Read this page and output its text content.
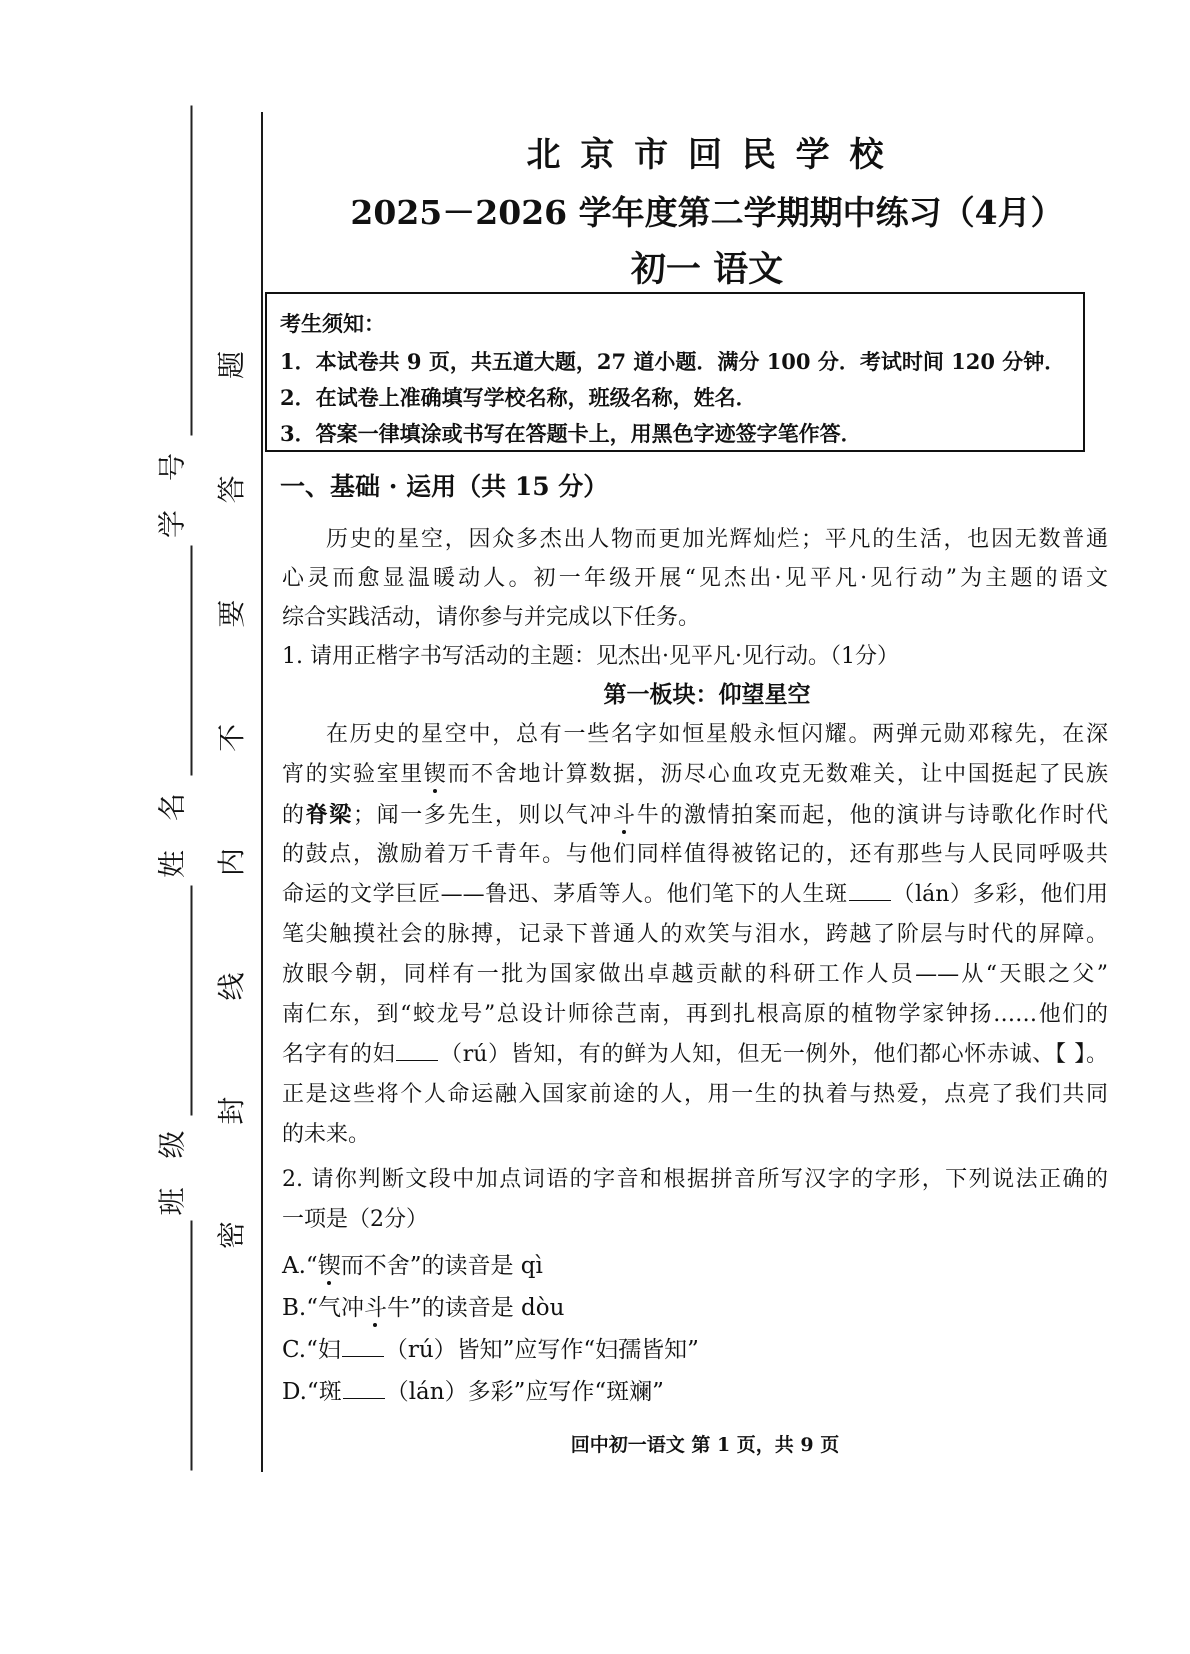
班 级
姓 名
学 号
密
封
线
内
不
要
答
题
北 京 市 回 民 学 校
2025－2026 学年度第二学期期中练习（4月）
初一 语文
考生须知：
1．本试卷共 9 页，共五道大题，27 道小题．满分 100 分．考试时间 120 分钟．
2．在试卷上准确填写学校名称，班级名称，姓名．
3．答案一律填涂或书写在答题卡上，用黑色字迹签字笔作答．
一、基础 · 运用（共 15 分）
历史的星空，因众多杰出人物而更加光辉灿烂；平凡的生活，也因无数普通
心灵而愈显温暖动人。初一年级开展“见杰出·见平凡·见行动”为主题的语文
综合实践活动，请你参与并完成以下任务。
1. 请用正楷字书写活动的主题：见杰出·见平凡·见行动。（1分）
第一板块：仰望星空
在历史的星空中，总有一些名字如恒星般永恒闪耀。两弹元勋邓稼先，在深
宵的实验室里锲而不舍地计算数据，沥尽心血攻克无数难关，让中国挺起了民族
的脊梁；闻一多先生，则以气冲斗牛的激情拍案而起，他的演讲与诗歌化作时代
的鼓点，激励着万千青年。与他们同样值得被铭记的，还有那些与人民同呼吸共
命运的文学巨匠——鲁迅、茅盾等人。他们笔下的人生斑 （lán）多彩，他们用
笔尖触摸社会的脉搏，记录下普通人的欢笑与泪水，跨越了阶层与时代的屏障。
放眼今朝，同样有一批为国家做出卓越贡献的科研工作人员——从“天眼之父”
南仁东，到“蛟龙号”总设计师徐芑南，再到扎根高原的植物学家钟扬……他们的
名字有的妇 （rú）皆知，有的鲜为人知，但无一例外，他们都心怀赤诚、【 】。
正是这些将个人命运融入国家前途的人，用一生的执着与热爱，点亮了我们共同
的未来。
2. 请你判断文段中加点词语的字音和根据拼音所写汉字的字形，下列说法正确的
一项是（2分）
A.“锲而不舍”的读音是 qì
B.“气冲斗牛”的读音是 dòu
C.“妇 （rú）皆知”应写作“妇孺皆知”
D.“斑 （lán）多彩”应写作“斑斓”
回中初一语文 第 1 页，共 9 页
